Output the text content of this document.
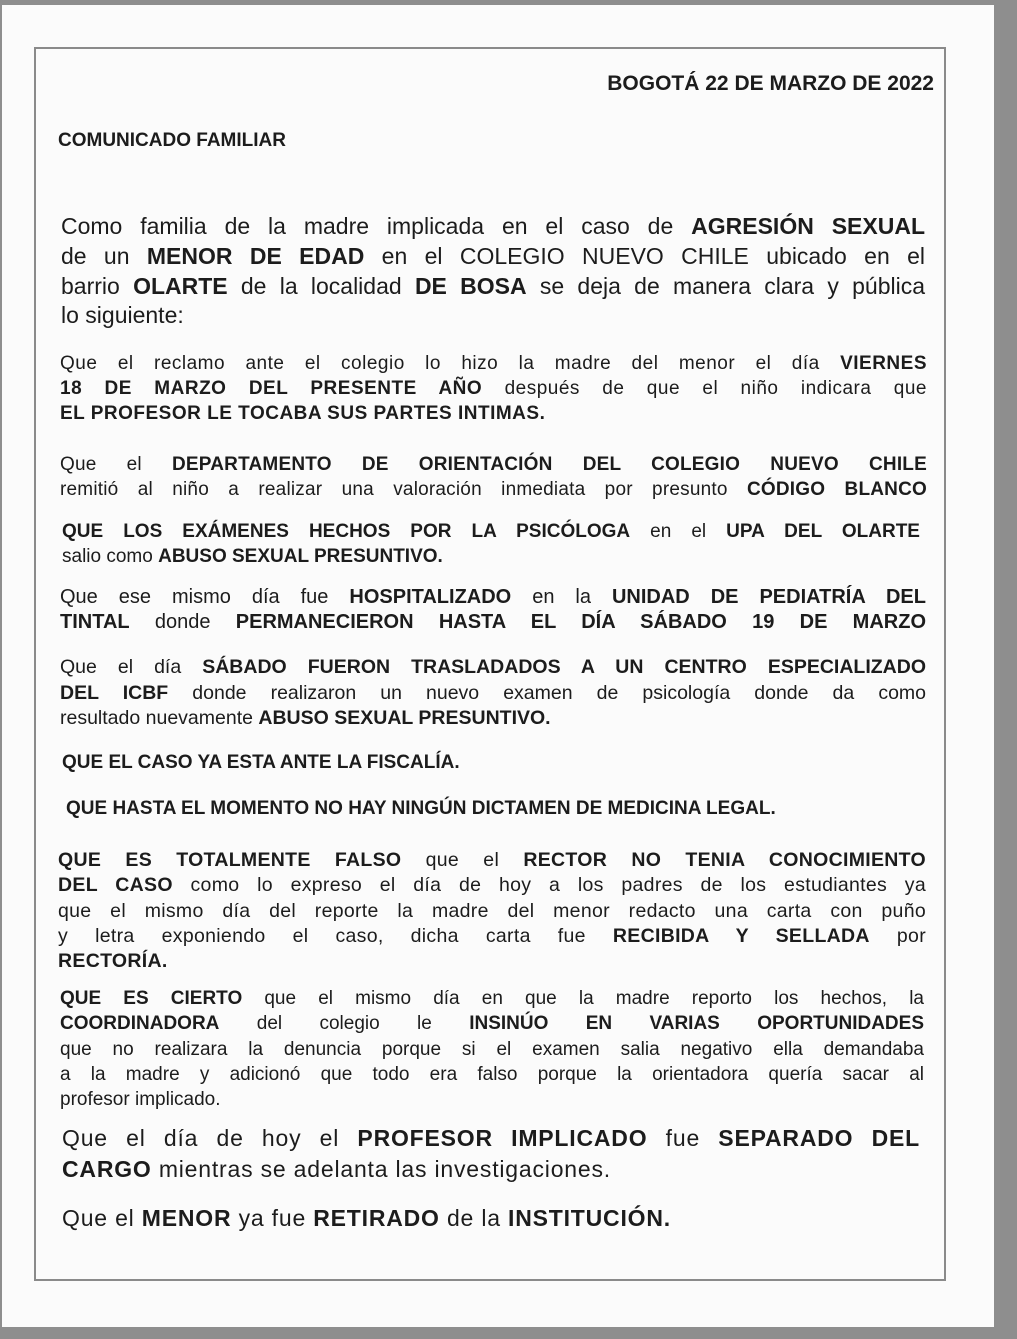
BOGOTÁ 22 DE MARZO DE 2022

COMUNICADO FAMILIAR

Como familia de la madre implicada en el caso de AGRESIÓN SEXUAL

de un MENOR DE EDAD en el COLEGIO NUEVO CHILE ubicado en el

barrio OLARTE de la localidad DE BOSA se deja de manera clara y pública

lo siguiente:

Que el reclamo ante el colegio lo hizo la madre del menor el día VIERNES

18 DE MARZO DEL PRESENTE AÑO después de que el niño indicara que

EL PROFESOR LE TOCABA SUS PARTES INTIMAS.

Que el DEPARTAMENTO DE ORIENTACIÓN DEL COLEGIO NUEVO CHILE

remitió al niño a realizar una valoración inmediata por presunto CÓDIGO BLANCO

QUE LOS EXÁMENES HECHOS POR LA PSICÓLOGA en el UPA DEL OLARTE

salio como ABUSO SEXUAL PRESUNTIVO.

Que ese mismo día fue HOSPITALIZADO en la UNIDAD DE PEDIATRÍA DEL

TINTAL donde PERMANECIERON HASTA EL DÍA SÁBADO 19 DE MARZO

Que el día SÁBADO FUERON TRASLADADOS A UN CENTRO ESPECIALIZADO

DEL ICBF donde realizaron un nuevo examen de psicología donde da como

resultado nuevamente ABUSO SEXUAL PRESUNTIVO.

QUE EL CASO YA ESTA ANTE LA FISCALÍA.

QUE HASTA EL MOMENTO NO HAY NINGÚN DICTAMEN DE MEDICINA LEGAL.

QUE ES TOTALMENTE FALSO que el RECTOR NO TENIA CONOCIMIENTO

DEL CASO como lo expreso el día de hoy a los padres de los estudiantes ya

que el mismo día del reporte la madre del menor redacto una carta con puño

y letra exponiendo el caso, dicha carta fue RECIBIDA Y SELLADA por

RECTORÍA.

QUE ES CIERTO que el mismo día en que la madre reporto los hechos, la

COORDINADORA del colegio le INSINÚO EN VARIAS OPORTUNIDADES

que no realizara la denuncia porque si el examen salia negativo ella demandaba

a la madre y adicionó que todo era falso porque la orientadora quería sacar al

profesor implicado.

Que el día de hoy el PROFESOR IMPLICADO fue SEPARADO DEL

CARGO mientras se adelanta las investigaciones.

Que el MENOR ya fue RETIRADO de la INSTITUCIÓN.
